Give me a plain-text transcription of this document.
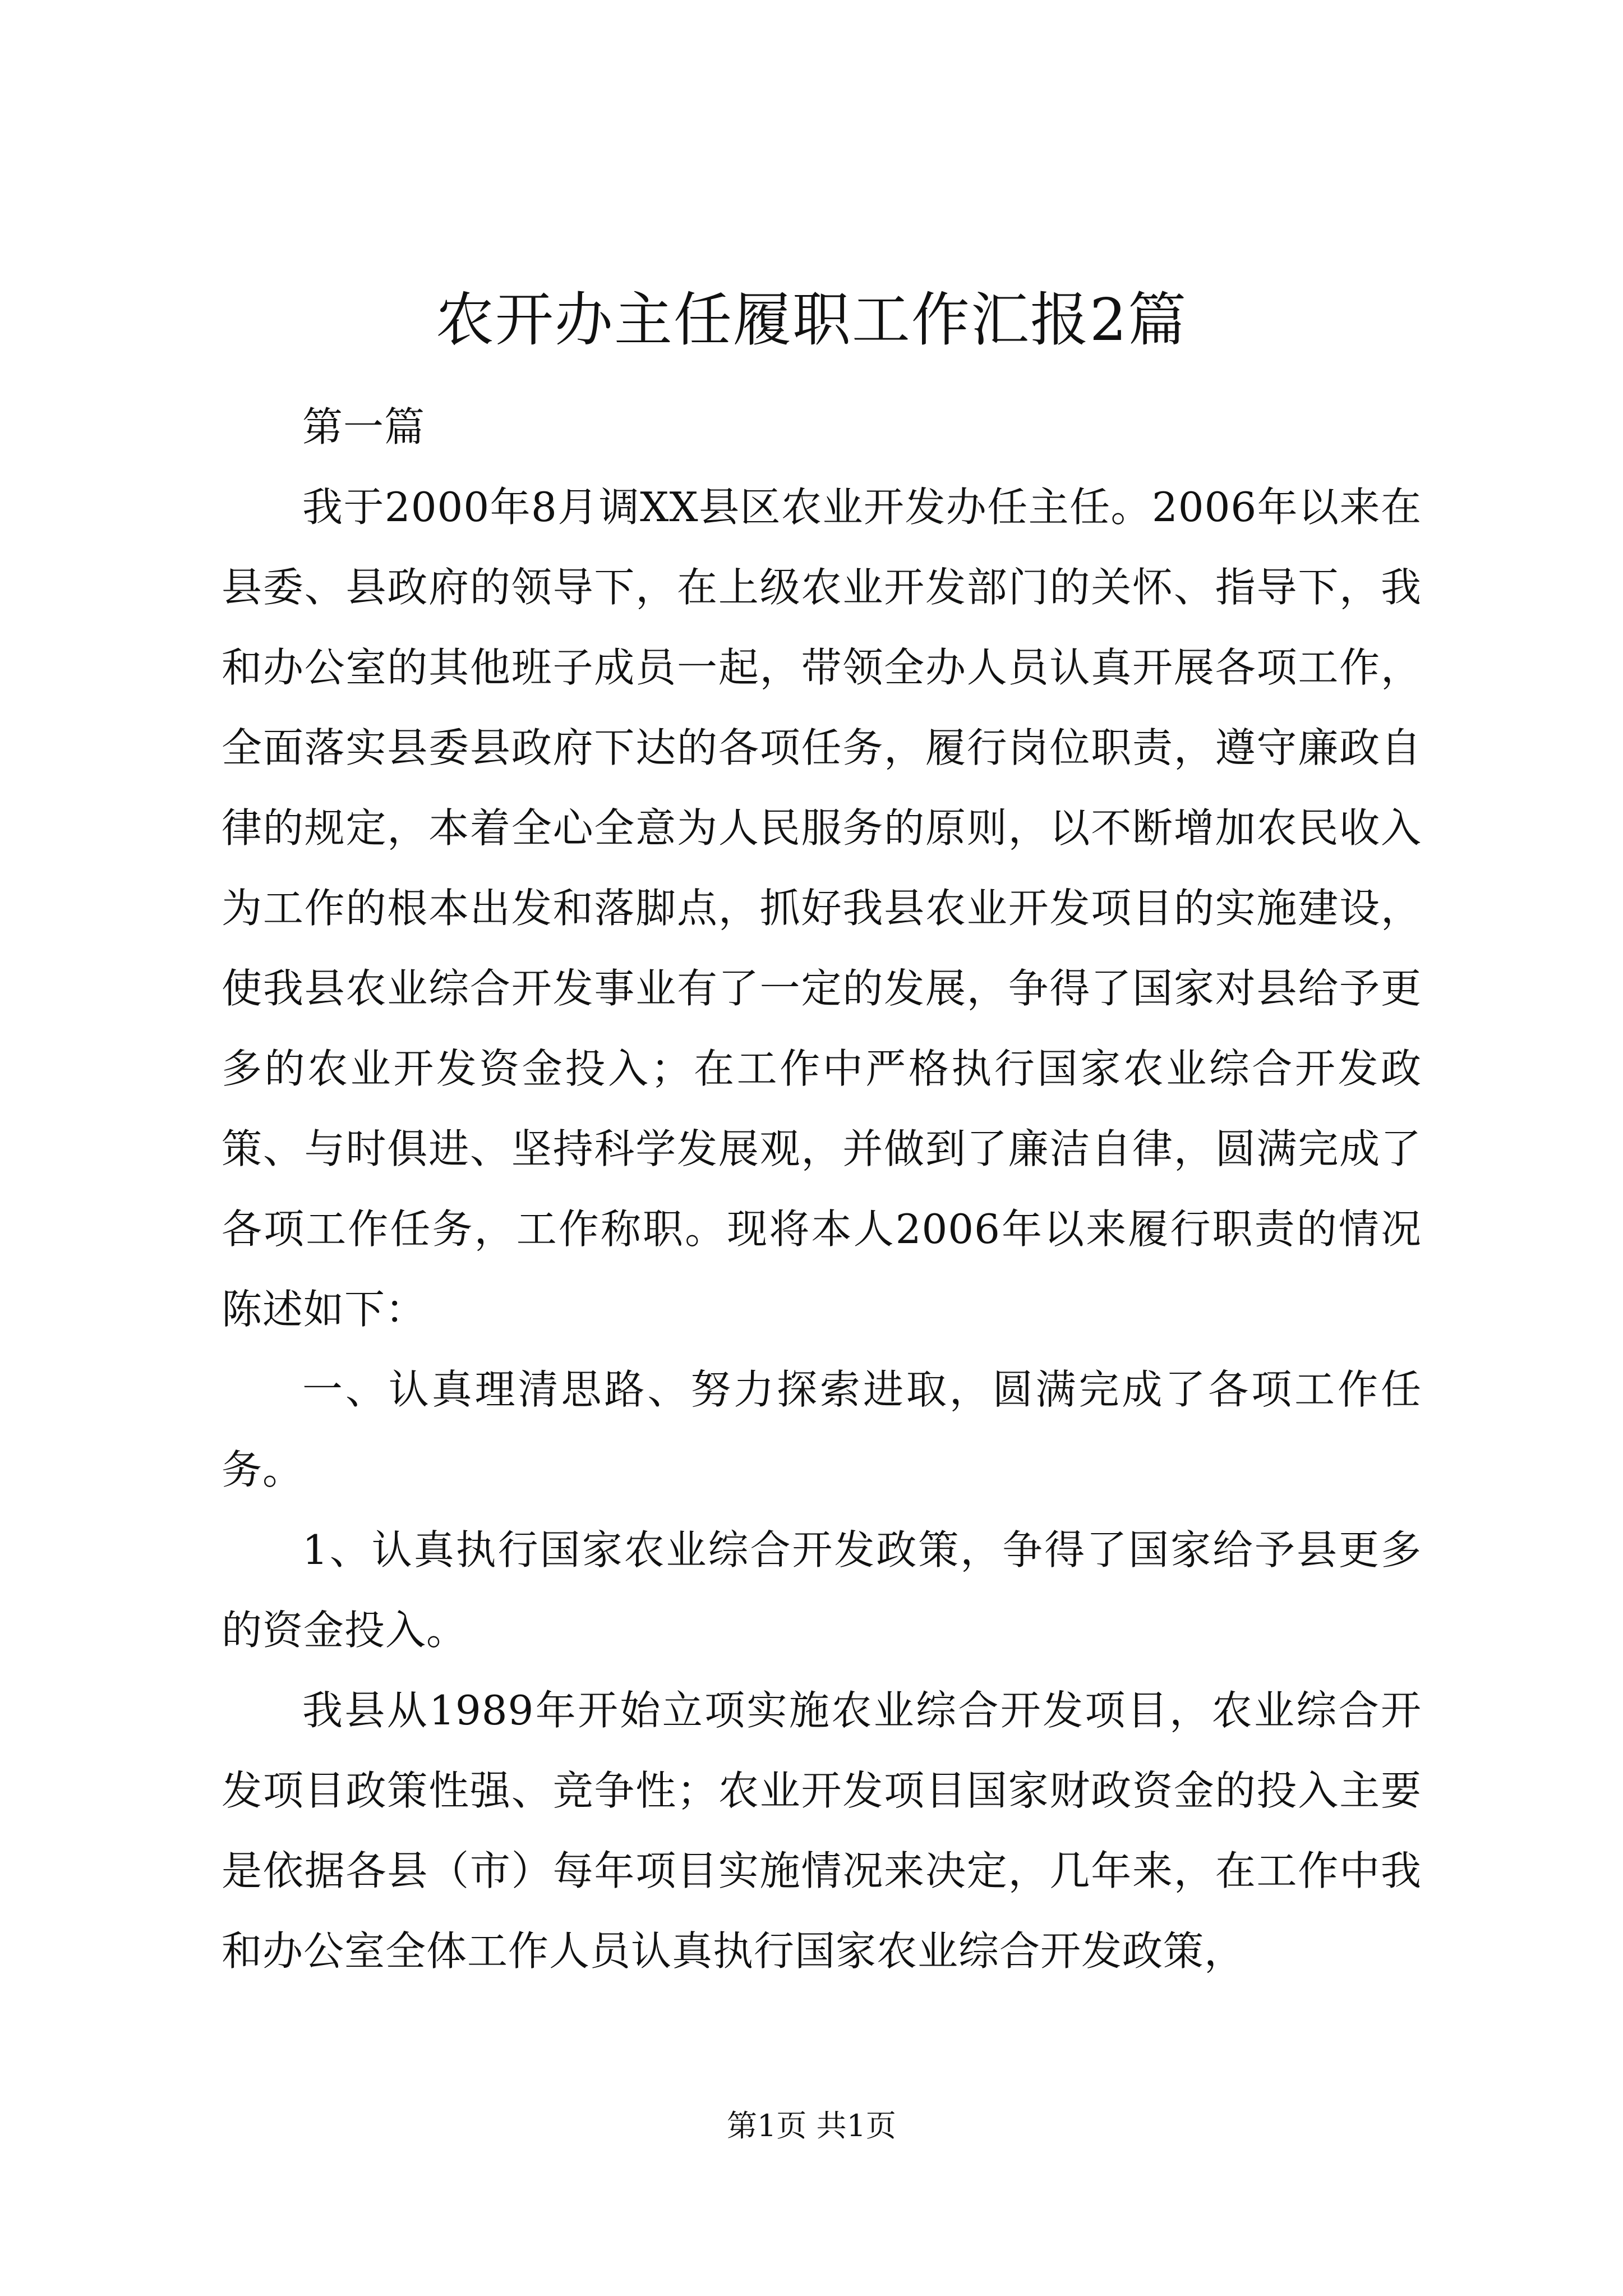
农开办主任履职工作汇报2篇

第一篇

我于2000年8月调XX县区农业开发办任主任。2006年以来在县委、县政府的领导下，在上级农业开发部门的关怀、指导下，我和办公室的其他班子成员一起，带领全办人员认真开展各项工作，全面落实县委县政府下达的各项任务，履行岗位职责，遵守廉政自律的规定，本着全心全意为人民服务的原则，以不断增加农民收入为工作的根本出发和落脚点，抓好我县农业开发项目的实施建设，使我县农业综合开发事业有了一定的发展，争得了国家对县给予更多的农业开发资金投入；在工作中严格执行国家农业综合开发政策、与时俱进、坚持科学发展观，并做到了廉洁自律，圆满完成了各项工作任务，工作称职。现将本人2006年以来履行职责的情况陈述如下：

一、认真理清思路、努力探索进取，圆满完成了各项工作任务。

1、认真执行国家农业综合开发政策，争得了国家给予县更多的资金投入。

我县从1989年开始立项实施农业综合开发项目，农业综合开发项目政策性强、竞争性；农业开发项目国家财政资金的投入主要是依据各县（市）每年项目实施情况来决定，几年来，在工作中我和办公室全体工作人员认真执行国家农业综合开发政策，

第1页 共1页
